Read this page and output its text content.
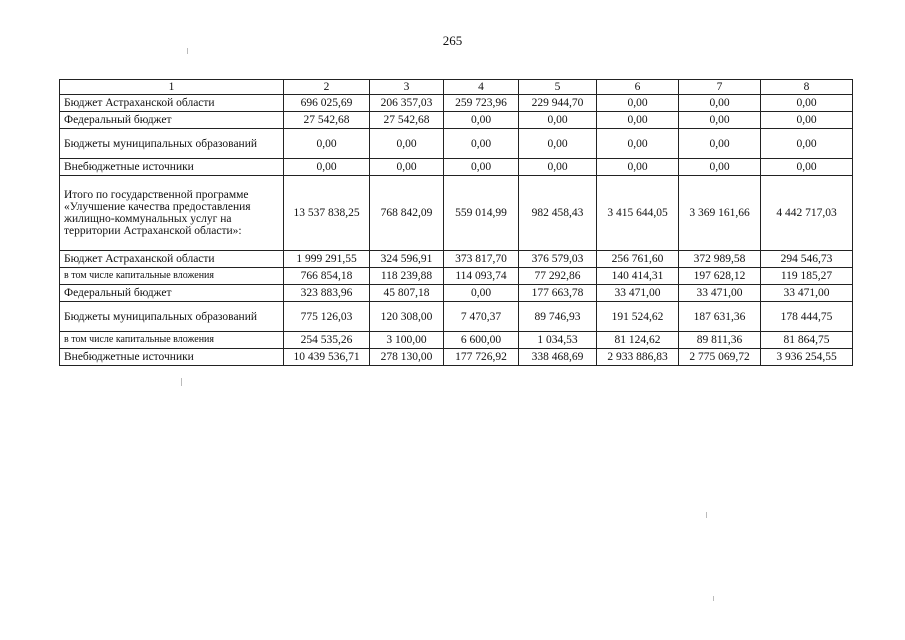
265
1	2	3	4	5	6	7	8
Бюджет Астраханской области	696 025,69	206 357,03	259 723,96	229 944,70	0,00	0,00	0,00
Федеральный бюджет	27 542,68	27 542,68	0,00	0,00	0,00	0,00	0,00
Бюджеты муниципальных образований	0,00	0,00	0,00	0,00	0,00	0,00	0,00
Внебюджетные источники	0,00	0,00	0,00	0,00	0,00	0,00	0,00
Итого по государственной программе «Улучшение качества предоставления жилищно-коммунальных услуг на территории Астраханской области»:	13 537 838,25	768 842,09	559 014,99	982 458,43	3 415 644,05	3 369 161,66	4 442 717,03
Бюджет Астраханской области	1 999 291,55	324 596,91	373 817,70	376 579,03	256 761,60	372 989,58	294 546,73
в том числе капитальные вложения	766 854,18	118 239,88	114 093,74	77 292,86	140 414,31	197 628,12	119 185,27
Федеральный бюджет	323 883,96	45 807,18	0,00	177 663,78	33 471,00	33 471,00	33 471,00
Бюджеты муниципальных образований	775 126,03	120 308,00	7 470,37	89 746,93	191 524,62	187 631,36	178 444,75
в том числе капитальные вложения	254 535,26	3 100,00	6 600,00	1 034,53	81 124,62	89 811,36	81 864,75
Внебюджетные источники	10 439 536,71	278 130,00	177 726,92	338 468,69	2 933 886,83	2 775 069,72	3 936 254,55
